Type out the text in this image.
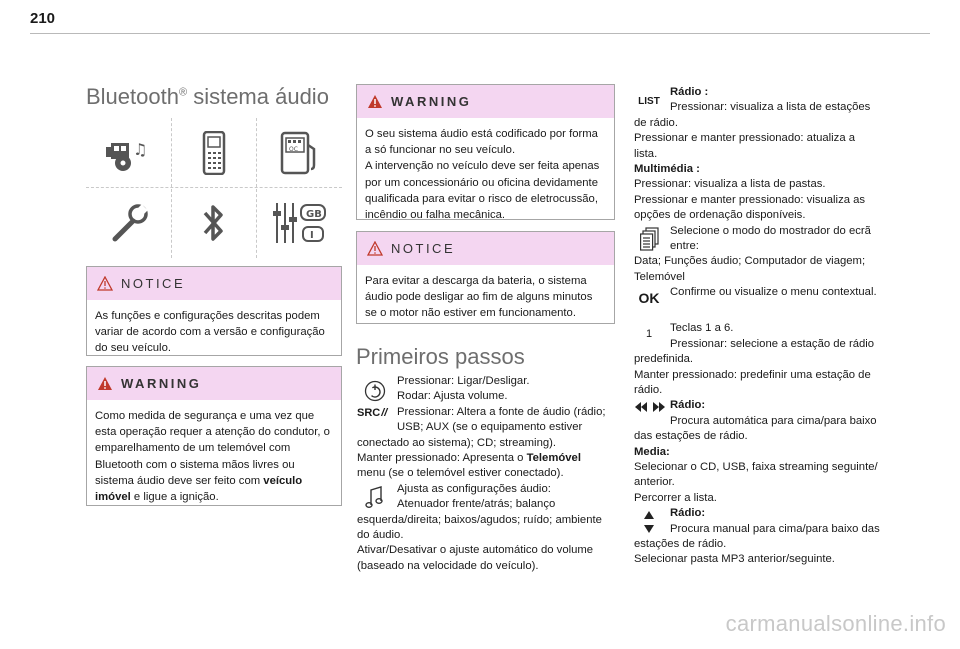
210
Bluetooth® sistema áudio
♫	OC
GB
I
NOTICE
As funções e configurações descritas podem variar de acordo com a versão e configuração do seu veículo.
WARNING
Como medida de segurança e uma vez que esta operação requer a atenção do condutor, o emparelhamento de um telemóvel com Bluetooth com o sistema mãos livres ou sistema áudio deve ser feito com veículo imóvel e ligue a ignição.
WARNING
O seu sistema áudio está codificado por forma a só funcionar no seu veículo.
A intervenção no veículo deve ser feita apenas por um concessionário ou oficina devidamente qualificada para evitar o risco de eletrocussão, incêndio ou falha mecânica.
NOTICE
Para evitar a descarga da bateria, o sistema áudio pode desligar ao fim de alguns minutos se o motor não estiver em funcionamento.
Primeiros passos
Pressionar: Ligar/Desligar.
Rodar: Ajusta volume.
SRC // Pressionar: Altera a fonte de áudio (rádio;
USB; AUX (se o equipamento estiver
conectado ao sistema); CD; streaming).
Manter pressionado: Apresenta o Telemóvel
menu (se o telemóvel estiver conectado).
Ajusta as configurações áudio:
Atenuador frente/atrás; balanço
esquerda/direita; baixos/agudos; ruído; ambiente
do áudio.
Ativar/Desativar o ajuste automático do volume
(baseado na velocidade do veículo).
LIST
Rádio :
Pressionar: visualiza a lista de estações
de rádio.
Pressionar e manter pressionado: atualiza a
lista.
Multimédia :
Pressionar: visualiza a lista de pastas.
Pressionar e manter pressionado: visualiza as
opções de ordenação disponíveis.
Selecione o modo do mostrador do ecrã
entre:
Data; Funções áudio; Computador de viagem;
Telemóvel
OK Confirme ou visualize o menu contextual.
1	Teclas 1 a 6.
Pressionar: selecione a estação de rádio
predefinida.
Manter pressionado: predefinir uma estação de
rádio.
Rádio:
Procura automática para cima/para baixo
das estações de rádio.
Media:
Selecionar o CD, USB, faixa streaming seguinte/
anterior.
Percorrer a lista.
Rádio:
Procura manual para cima/para baixo das
estações de rádio.
Selecionar pasta MP3 anterior/seguinte.
carmanualsonline.info
